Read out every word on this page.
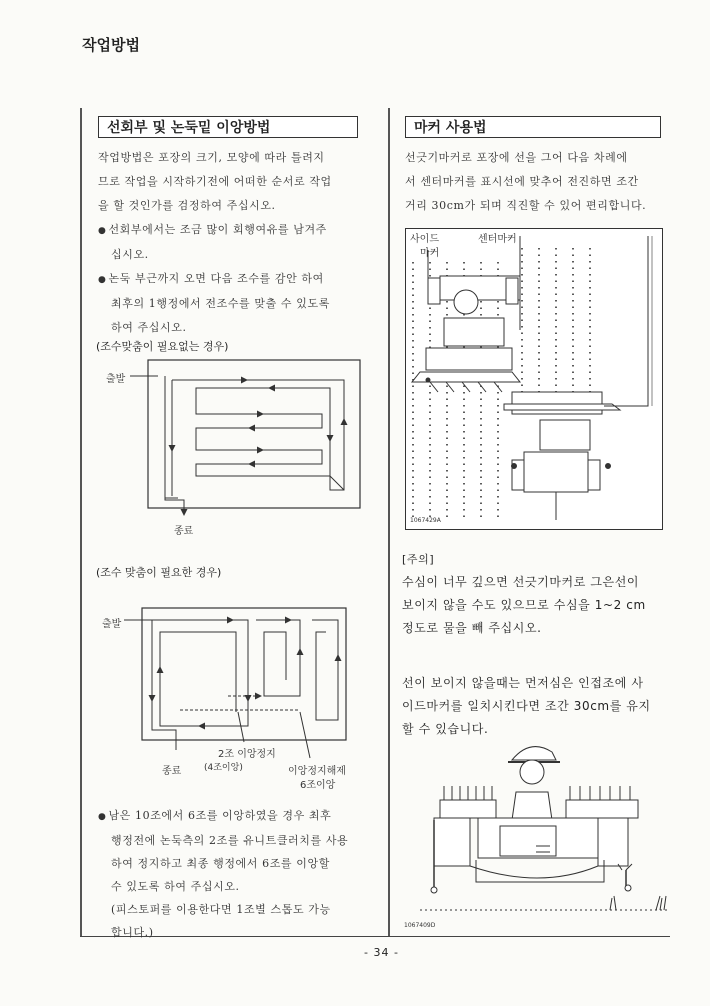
작업방법
선회부 및 논둑밑 이앙방법
작업방법은 포장의 크기, 모양에 따라 틀려지
므로 작업을 시작하기전에 어떠한 순서로 작업
을 할 것인가를 검정하여 주십시오.
● 선회부에서는 조금 많이 회행여유를 남겨주
십시오.
● 논둑 부근까지 오면 다음 조수를 감안 하여
최후의 1행정에서 전조수를 맞출 수 있도록
하여 주십시오.
(조수맞춤이 필요없는 경우)
출발
종료
(조수 맞춤이 필요한 경우)
출발
2조 이앙정지
종료	(4조이앙)	이앙정지해제
6조이앙
● 남은 10조에서 6조를 이앙하였을 경우 최후
행정전에 논둑측의 2조를 유니트클러치를 사용
하여 정지하고 최종 행정에서 6조를 이앙할
수 있도록 하여 주십시오.
(피스토퍼를 이용한다면 1조별 스톱도 가능
합니다.)
마커 사용법
선긋기마커로 포장에 선을 그어 다음 차례에
서 센터마커를 표시선에 맞추어 전진하면 조간
거리 30cm가 되며 직진할 수 있어 편리합니다.
사이드
마커
센터마커
1067429A
[주의]
수심이 너무 깊으면 선긋기마커로 그은선이
보이지 않을 수도 있으므로 수심을 1~2 cm
정도로 물을 빼 주십시오.
선이 보이지 않을때는 먼저심은 인접조에 사
이드마커를 일치시킨다면 조간 30cm를 유지
할 수 있습니다.
1067409D
- 34 -
